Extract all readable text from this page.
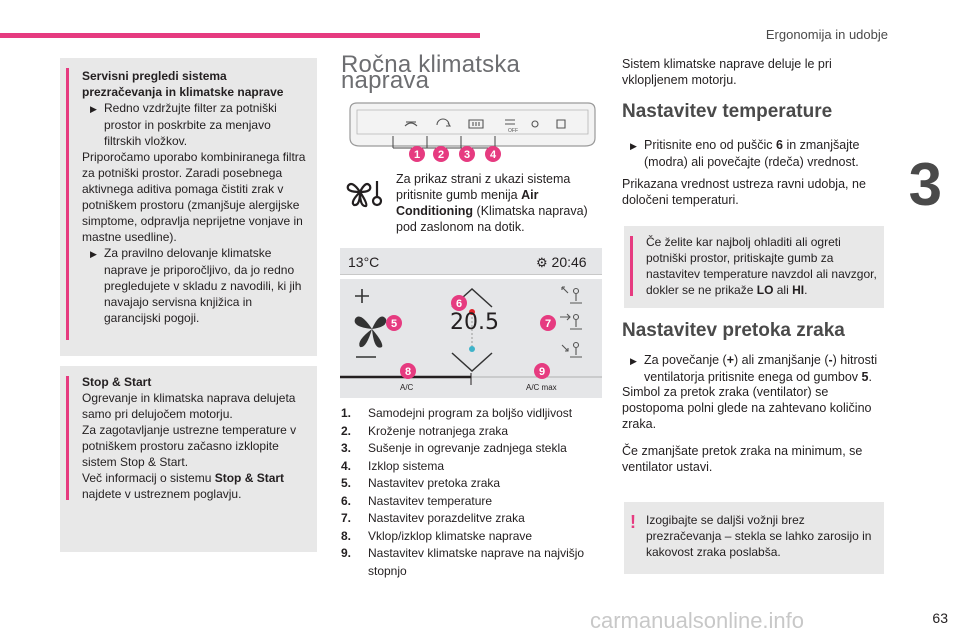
Ergonomija in udobje
3
Servisni pregledi sistema
prezračevanja in klimatske naprave
▶ Redno vzdržujte filter za potniški prostor in poskrbite za menjavo filtrskih vložkov.
Priporočamo uporabo kombiniranega filtra za potniški prostor. Zaradi posebnega aktivnega aditiva pomaga čistiti zrak v potniškem prostoru (zmanjšuje alergijske simptome, odpravlja neprijetne vonjave in mastne usedline).
▶ Za pravilno delovanje klimatske naprave je priporočljivo, da jo redno pregledujete v skladu z navodili, ki jih navajajo servisna knjižica in garancijski pogoji.
Stop & Start
Ogrevanje in klimatska naprava delujeta samo pri delujočem motorju.
Za zagotavljanje ustrezne temperature v potniškem prostoru začasno izklopite sistem Stop & Start.
Več informacij o sistemu Stop & Start najdete v ustreznem poglavju.
Ročna klimatska naprava
OFF
1 2 3 4
Za prikaz strani z ukazi sistema pritisnite gumb menija Air Conditioning (Klimatska naprava) pod zaslonom na dotik.
13°C	⚙ 20:46
5
6
7
8	9
20.5
A/C	A/C max
1.	Samodejni program za boljšo vidljivost
2.	Kroženje notranjega zraka
3.	Sušenje in ogrevanje zadnjega stekla
4.	Izklop sistema
5.	Nastavitev pretoka zraka
6.	Nastavitev temperature
7.	Nastavitev porazdelitve zraka
8.	Vklop/izklop klimatske naprave
9.	Nastavitev klimatske naprave na najvišjo stopnjo
Sistem klimatske naprave deluje le pri vklopljenem motorju.
Nastavitev temperature
▶ Pritisnite eno od puščic 6 in zmanjšajte (modra) ali povečajte (rdeča) vrednost.
Prikazana vrednost ustreza ravni udobja, ne določeni temperaturi.
Če želite kar najbolj ohladiti ali ogreti potniški prostor, pritiskajte gumb za nastavitev temperature navzdol ali navzgor, dokler se ne prikaže LO ali HI.
Nastavitev pretoka zraka
▶ Za povečanje (+) ali zmanjšanje (-) hitrosti ventilatorja pritisnite enega od gumbov 5.
Simbol za pretok zraka (ventilator) se postopoma polni glede na zahtevano količino zraka.
Če zmanjšate pretok zraka na minimum, se ventilator ustavi.
! Izogibajte se daljši vožnji brez prezračevanja – stekla se lahko zarosijo in kakovost zraka poslabša.
carmanualsonline.info	63
